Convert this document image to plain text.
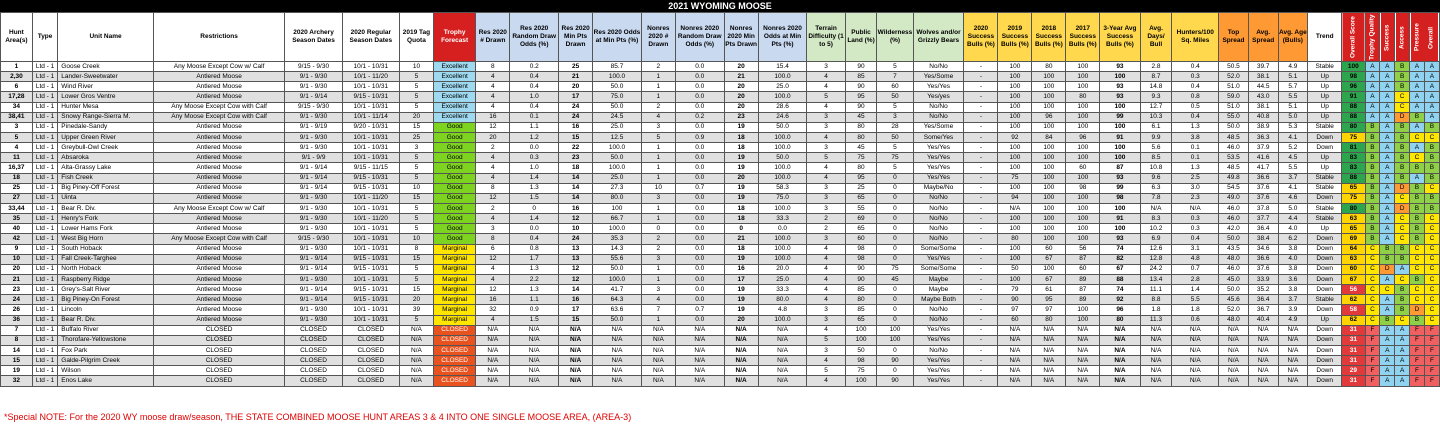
2021 WYOMING MOOSE
Hunt Area(s)	Type	Unit Name	Restrictions	2020 Archery Season Dates	2020 Regular Season Dates	2019 Tag Quota	Trophy Forecast	Res 2020 # Drawn	Res 2020 Random Draw Odds (%)	Res 2020 Min Pts Drawn	Res 2020 Odds at Min Pts (%)	Nonres 2020 # Drawn	Nonres 2020 Random Draw Odds (%)	Nonres 2020 Min Pts Drawn	Nonres 2020 Odds at Min Pts (%)	Terrain Difficulty (1 to 5)	Public Land (%)	Wilderness (%)	Wolves and/or Grizzly Bears	2020 Success Bulls (%)	2019 Success Bulls (%)	2018 Success Bulls (%)	2017 Success Bulls (%)	3-Year Avg Success Bulls (%)	Avg. Days/ Bull	Hunters/100 Sq. Miles	Top Spread	Avg. Spread	Avg. Age (Bulls)	Trend	Overall Score	Trophy Quality	Success	Access	Pressure	Overall
1	Ltd - 1	Goose Creek	Any Moose Except Cow w/ Calf	9/15 - 9/30	10/1 - 10/31	10	Excellent	8	0.2	25	85.7	2	0.0	20	15.4	3	90	5	No/No	-	100	80	100	93	2.8	0.4	50.5	39.7	4.9	Stable	100	A	A	B	A	A
2,30	Ltd - 1	Lander-Sweetwater	Antlered Moose	9/1 - 9/30	10/1 - 11/20	5	Excellent	4	0.4	21	100.0	1	0.0	21	100.0	4	85	7	Yes/Some	-	100	100	100	100	8.7	0.3	52.0	38.1	5.1	Up	98	A	A	B	A	A
6	Ltd - 1	Wind River	Antlered Moose	9/1 - 9/30	10/1 - 10/31	5	Excellent	4	0.4	20	50.0	1	0.0	20	25.0	4	90	60	Yes/Yes	-	100	100	100	93	14.8	0.4	51.0	44.5	5.7	Up	96	A	A	B	A	A
17,28	Ltd - 1	Lower Gros Ventre	Antlered Moose	9/1 - 9/14	9/15 - 10/31	5	Excellent	4	1.0	17	75.0	1	0.0	20	100.0	5	95	50	Yes/yes	-	100	100	80	93	9.3	0.8	59.0	43.0	5.5	Up	91	A	A	C	A	A
34	Ltd - 1	Hunter Mesa	Any Moose Except Cow with Calf	9/15 - 9/30	10/1 - 10/31	5	Excellent	4	0.4	24	50.0	2	0.0	20	28.6	4	90	5	No/No	-	100	100	100	100	12.7	0.5	51.0	38.1	5.1	Up	88	A	A	C	A	A
38,41	Ltd - 1	Snowy Range-Sierra M.	Any Moose Except Cow with Calf	9/1 - 9/30	10/1 - 11/14	20	Excellent	16	0.1	24	24.5	4	0.2	23	24.6	3	45	3	No/No	-	100	96	100	99	10.3	0.4	55.0	40.8	5.0	Up	88	A	A	D	B	A
3	Ltd - 1	Pinedale-Sandy	Antlered Moose	9/1 - 9/19	9/20 - 10/31	15	Good	12	1.1	16	25.0	3	0.0	19	50.0	3	80	28	Yes/Some	-	100	100	100	100	6.1	1.3	50.0	38.9	5.3	Stable	80	B	A	B	A	B
5	Ltd - 1	Upper Green River	Antlered Moose	9/1 - 9/30	10/1 - 10/31	25	Good	20	1.2	15	12.5	5	0.9	18	100.0	4	80	50	Some/Yes	-	92	84	96	91	9.9	3.8	48.5	36.3	4.1	Down	75	B	A	B	C	C
4	Ltd - 1	Greybull-Owl Creek	Antlered Moose	9/1 - 9/30	10/1 - 10/31	3	Good	2	0.0	22	100.0	1	0.0	18	100.0	3	45	5	Yes/Yes	-	100	100	100	100	5.6	0.1	46.0	37.9	5.2	Down	81	B	A	B	A	B
11	Ltd - 1	Absaroka	Antlered Moose	9/1 - 9/9	10/1 - 10/31	5	Good	4	0.3	23	50.0	1	0.0	19	50.0	5	75	75	Yes/Yes	-	100	100	100	100	8.5	0.1	53.5	41.6	4.5	Up	83	B	A	B	C	B
16,37	Ltd - 1	Alta-Grassy Lake	Antlered Moose	9/1 - 9/14	9/15 - 11/15	5	Good	4	1.0	18	100.0	1	0.0	19	100.0	4	80	5	Yes/Yes	-	100	100	60	87	10.8	1.3	48.5	41.7	5.5	Up	83	B	A	B	B	B
18	Ltd - 1	Fish Creek	Antlered Moose	9/1 - 9/14	9/15 - 10/31	5	Good	4	1.4	14	25.0	1	0.0	20	100.0	4	95	0	Yes/Yes	-	75	100	100	93	9.6	2.5	49.8	36.6	3.7	Stable	88	B	A	B	A	B
25	Ltd - 1	Big Piney-Off Forest	Antlered Moose	9/1 - 9/14	9/15 - 10/31	10	Good	8	1.3	14	27.3	10	0.7	19	58.3	3	25	0	Maybe/No	-	100	100	98	99	6.3	3.0	54.5	37.6	4.1	Stable	65	B	A	D	B	C
27	Ltd - 1	Uinta	Antlered Moose	9/1 - 9/30	10/1 - 11/20	15	Good	12	1.5	14	80.0	3	0.0	19	75.0	3	65	0	No/No	-	94	100	100	98	7.8	2.3	49.0	37.6	4.6	Down	75	B	A	C	B	B
33,44	Ltd - 1	Bear R. Div.	Any Moose Except Cow w/ Calf	9/1 - 9/30	10/1 - 10/31	5	Good	2	0	16	100	1	0.0	18	100.0	3	55	0	No/No	-	N/A	100	100	100	N/A	N/A	46.0	37.8	5.0	Stable	80	B	A	D	B	B
35	Ltd - 1	Henry's Fork	Antlered Moose	9/1 - 9/30	10/1 - 11/20	5	Good	4	1.4	12	66.7	1	0.0	18	33.3	2	69	0	No/No	-	100	100	100	91	8.3	0.3	46.0	37.7	4.4	Stable	63	B	A	C	B	C
40	Ltd - 1	Lower Hams Fork	Antlered Moose	9/1 - 9/30	10/1 - 10/31	5	Good	3	0.0	10	100.0	0	0.0	0	0.0	2	65	0	No/No	-	100	100	100	100	10.2	0.3	42.0	36.4	4.0	Up	65	B	A	C	B	C
42	Ltd - 1	West Big Horn	Any Moose Except Cow with Calf	9/15 - 9/30	10/1 - 10/31	10	Good	8	0.4	24	35.3	2	0.0	21	100.0	3	60	0	No/No	-	80	100	100	93	6.9	0.4	50.0	38.4	6.2	Down	69	B	A	C	B	C
9	Ltd - 1	South Hoback	Antlered Moose	9/1 - 9/30	10/1 - 10/31	8	Marginal	6	0.8	13	14.3	2	0.0	18	100.0	4	98	0	Some/Some	-	100	60	56	74	12.6	3.1	43.5	34.6	3.8	Down	64	C	B	B	C	C
10	Ltd - 1	Fall Creek-Targhee	Antlered Moose	9/1 - 9/14	9/15 - 10/31	15	Marginal	12	1.7	13	55.6	3	0.0	19	100.0	4	98	0	Yes/Yes	-	100	67	87	82	12.8	4.8	48.0	36.6	4.0	Down	63	C	B	B	C	C
20	Ltd - 1	North Hoback	Antlered Moose	9/1 - 9/14	9/15 - 10/31	5	Marginal	4	1.3	12	50.0	1	0.0	16	20.0	4	90	75	Some/Some	-	50	100	60	67	24.2	0.7	46.0	37.6	3.8	Down	60	C	D	A	C	C
21	Ltd - 1	Raspberry Ridge	Antlered Moose	9/1 - 9/30	10/1 - 10/31	5	Marginal	4	2.2	12	100.0	1	0.0	17	25.0	4	90	45	Maybe	-	100	67	89	88	13.4	2.8	45.0	33.9	3.6	Down	67	C	A	C	B	C
23	Ltd - 1	Grey's-Salt River	Antlered Moose	9/1 - 9/14	9/15 - 10/31	15	Marginal	12	1.3	14	41.7	3	0.0	19	33.3	4	85	0	Maybe	-	79	61	87	74	11.1	1.4	50.0	35.2	3.8	Down	56	C	C	B	C	C
24	Ltd - 1	Big Piney-On Forest	Antlered Moose	9/1 - 9/14	9/15 - 10/31	20	Marginal	16	1.1	16	64.3	4	0.0	19	80.0	4	80	0	Maybe Both	-	90	95	89	92	8.8	5.5	45.6	36.4	3.7	Stable	62	C	A	B	C	C
26	Ltd - 1	Lincoln	Antlered Moose	9/1 - 9/30	10/1 - 10/31	39	Marginal	32	0.9	17	63.6	7	0.7	19	4.8	3	85	0	No/No	-	97	97	100	96	1.8	1.8	52.0	36.7	3.9	Down	58	C	A	B	D	C
36	Ltd - 1	Bear R. Div.	Antlered Moose	9/1 - 9/30	10/1 - 10/31	5	Marginal	4	1.5	15	50.0	1	0.0	20	100.0	3	65	0	No/No	-	60	80	100	80	11.3	0.6	48.0	40.4	4.9	Up	62	C	B	C	B	C
7	Ltd - 1	Buffalo River	CLOSED	CLOSED	CLOSED	N/A	CLOSED	N/A	N/A	N/A	N/A	N/A	N/A	N/A	N/A	4	100	100	Yes/Yes	-	N/A	N/A	N/A	N/A	N/A	N/A	N/A	N/A	N/A	Down	31	F	A	A	F	F
8	Ltd - 1	Thorofare-Yellowstone	CLOSED	CLOSED	CLOSED	N/A	CLOSED	N/A	N/A	N/A	N/A	N/A	N/A	N/A	N/A	5	100	100	Yes/Yes	-	N/A	N/A	N/A	N/A	N/A	N/A	N/A	N/A	N/A	Down	31	F	A	A	F	F
14	Ltd - 1	Fox Park	CLOSED	CLOSED	CLOSED	N/A	CLOSED	N/A	N/A	N/A	N/A	N/A	N/A	N/A	N/A	3	50	0	No/No	-	N/A	N/A	N/A	N/A	N/A	N/A	N/A	N/A	N/A	Down	31	F	A	A	F	F
15	Ltd - 1	Galde-Pilgrim Creek	CLOSED	CLOSED	CLOSED	N/A	CLOSED	N/A	N/A	N/A	N/A	N/A	N/A	N/A	N/A	4	98	90	Yes/Yes	-	N/A	N/A	N/A	N/A	N/A	N/A	N/A	N/A	N/A	Down	31	F	A	A	F	F
19	Ltd - 1	Wilson	CLOSED	CLOSED	CLOSED	N/A	CLOSED	N/A	N/A	N/A	N/A	N/A	N/A	N/A	N/A	5	75	0	Yes/Yes	-	N/A	N/A	N/A	N/A	N/A	N/A	N/A	N/A	N/A	Down	29	F	A	A	F	F
32	Ltd - 1	Enos Lake	CLOSED	CLOSED	CLOSED	N/A	CLOSED	N/A	N/A	N/A	N/A	N/A	N/A	N/A	N/A	4	100	90	Yes/Yes	-	N/A	N/A	N/A	N/A	N/A	N/A	N/A	N/A	N/A	Down	31	F	A	A	F	F
*Special NOTE: For the 2020 WY moose draw/season, THE STATE COMBINED MOOSE HUNT AREAS 3 & 4 INTO ONE SINGLE MOOSE AREA, (AREA-3)
